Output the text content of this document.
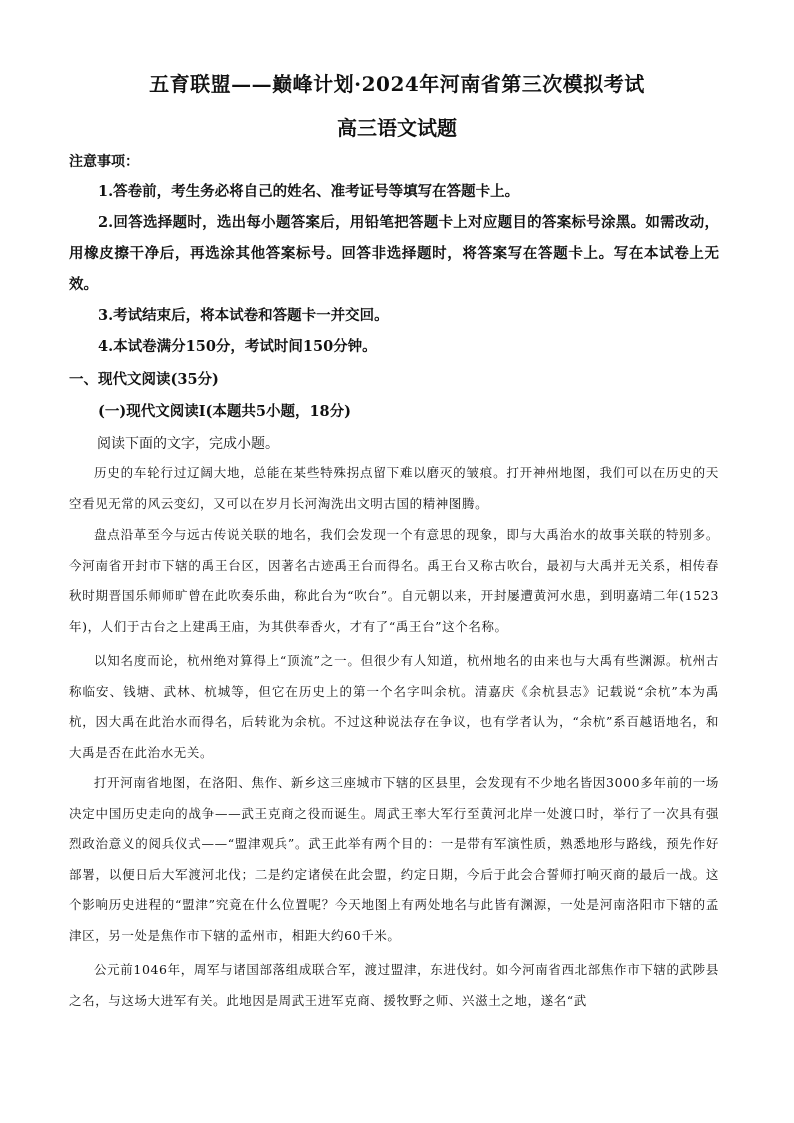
五育联盟——巅峰计划·2024年河南省第三次模拟考试
高三语文试题
注意事项：
1.答卷前，考生务必将自己的姓名、准考证号等填写在答题卡上。
2.回答选择题时，选出每小题答案后，用铅笔把答题卡上对应题目的答案标号涂黑。如需改动，用橡皮擦干净后，再选涂其他答案标号。回答非选择题时，将答案写在答题卡上。写在本试卷上无效。
3.考试结束后，将本试卷和答题卡一并交回。
4.本试卷满分150分，考试时间150分钟。
一、现代文阅读(35分)
(一)现代文阅读Ⅰ(本题共5小题，18分)
阅读下面的文字，完成小题。
历史的车轮行过辽阔大地，总能在某些特殊拐点留下难以磨灭的皱痕。打开神州地图，我们可以在历史的天空看见无常的风云变幻，又可以在岁月长河淘洗出文明古国的精神图腾。
盘点沿革至今与远古传说关联的地名，我们会发现一个有意思的现象，即与大禹治水的故事关联的特别多。今河南省开封市下辖的禹王台区，因著名古迹禹王台而得名。禹王台又称古吹台，最初与大禹并无关系，相传春秋时期晋国乐师师旷曾在此吹奏乐曲，称此台为“吹台”。自元朝以来，开封屡遭黄河水患，到明嘉靖二年(1523年)，人们于古台之上建禹王庙，为其供奉香火，才有了“禹王台”这个名称。
以知名度而论，杭州绝对算得上“顶流”之一。但很少有人知道，杭州地名的由来也与大禹有些渊源。杭州古称临安、钱塘、武林、杭城等，但它在历史上的第一个名字叫余杭。清嘉庆《余杭县志》记载说“余杭”本为禹杭，因大禹在此治水而得名，后转讹为余杭。不过这种说法存在争议，也有学者认为，“余杭”系百越语地名，和大禹是否在此治水无关。
打开河南省地图，在洛阳、焦作、新乡这三座城市下辖的区县里，会发现有不少地名皆因3000多年前的一场决定中国历史走向的战争——武王克商之役而诞生。周武王率大军行至黄河北岸一处渡口时，举行了一次具有强烈政治意义的阅兵仪式——“盟津观兵”。武王此举有两个目的：一是带有军演性质，熟悉地形与路线，预先作好部署，以便日后大军渡河北伐；二是约定诸侯在此会盟，约定日期，今后于此会合誓师打响灭商的最后一战。这个影响历史进程的“盟津”究竟在什么位置呢？今天地图上有两处地名与此皆有渊源，一处是河南洛阳市下辖的孟津区，另一处是焦作市下辖的孟州市，相距大约60千米。
公元前1046年，周军与诸国部落组成联合军，渡过盟津，东进伐纣。如今河南省西北部焦作市下辖的武陟县之名，与这场大进军有关。此地因是周武王进军克商、援牧野之师、兴滋土之地，遂名“武
